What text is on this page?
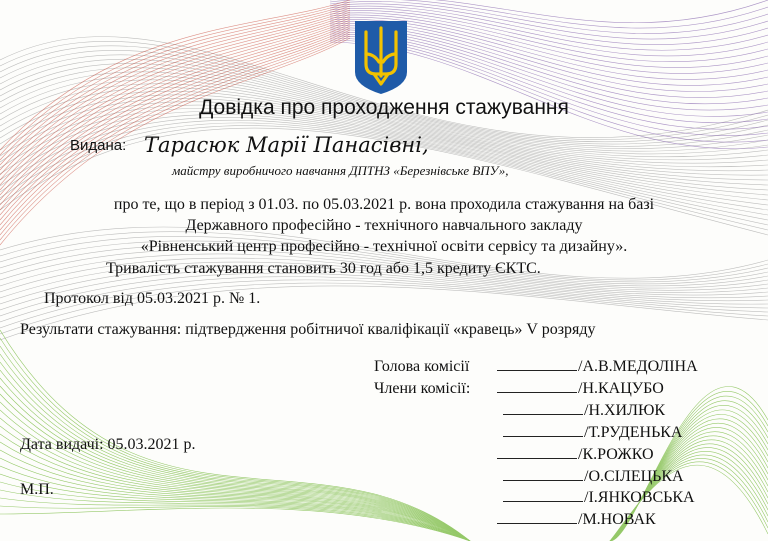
Довідка про проходження стажування
Видана: Тарасюк Марії Панасівні,
майстру виробничого навчання ДПТНЗ «Березнівське ВПУ»,
про те, що в період з 01.03. по 05.03.2021 р. вона проходила стажування на базі
Державного професійно - технічного навчального закладу
«Рівненський центр професійно - технічної освіти сервісу та дизайну».
Тривалість стажування становить 30 год або 1,5 кредиту ЄКТС.
Протокол від 05.03.2021 р. № 1.
Результати стажування: підтвердження робітничої кваліфікації «кравець» V розряду
Голова комісії	/А.В.МЕДОЛІНА
Члени комісії:	/Н.КАЦУБО
/Н.ХИЛЮК
/Т.РУДЕНЬКА
/К.РОЖКО
/О.СІЛЕЦЬКА
/І.ЯНКОВСЬКА
/М.НОВАК
Дата видачі: 05.03.2021 р.
М.П.
